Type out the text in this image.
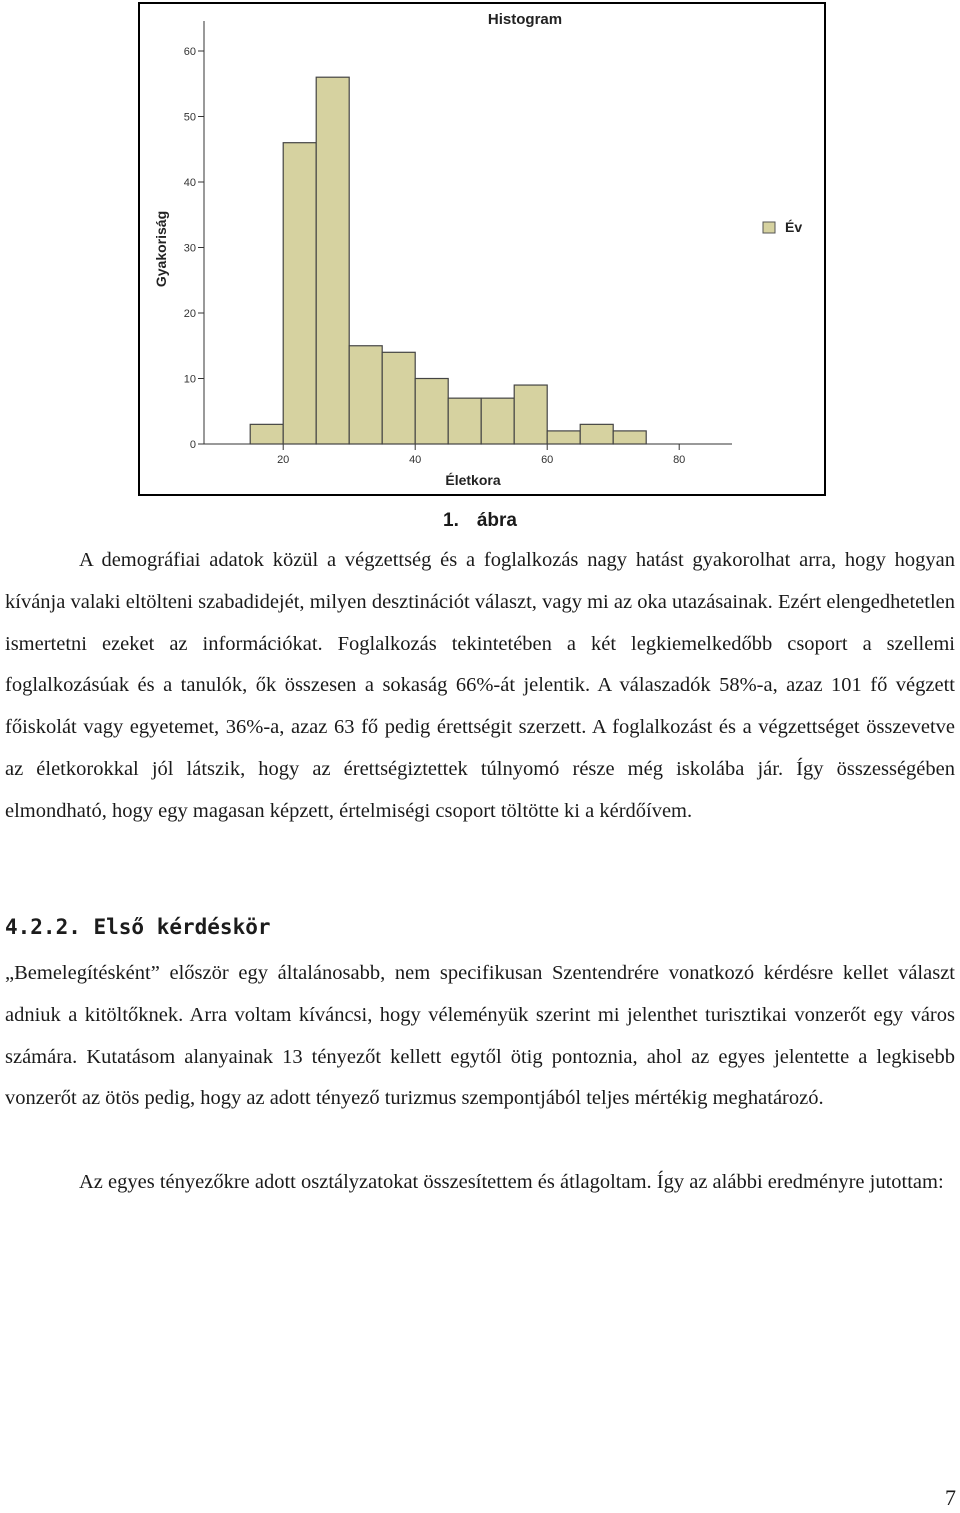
Histogram
Gyakoriság
Életkora
0
10
20
30
40
50
60
20	40	60	80
Év
1. ábra
A demográfiai adatok közül a végzettség és a foglalkozás nagy hatást gyakorolhat arra, hogy hogyan kívánja valaki eltölteni szabadidejét, milyen desztinációt választ, vagy mi az oka utazásainak. Ezért elengedhetetlen ismertetni ezeket az információkat. Foglalkozás tekintetében a két legkiemelkedőbb csoport a szellemi foglalkozásúak és a tanulók, ők összesen a sokaság 66%-át jelentik. A válaszadók 58%-a, azaz 101 fő végzett főiskolát vagy egyetemet, 36%-a, azaz 63 fő pedig érettségit szerzett. A foglalkozást és a végzettséget összevetve az életkorokkal jól látszik, hogy az érettségiztettek túlnyomó része még iskolába jár. Így összességében elmondható, hogy egy magasan képzett, értelmiségi csoport töltötte ki a kérdőívem.
4.2.2. Első kérdéskör
„Bemelegítésként” először egy általánosabb, nem specifikusan Szentendrére vonatkozó kérdésre kellet választ adniuk a kitöltőknek. Arra voltam kíváncsi, hogy véleményük szerint mi jelenthet turisztikai vonzerőt egy város számára. Kutatásom alanyainak 13 tényezőt kellett egytől ötig pontoznia, ahol az egyes jelentette a legkisebb vonzerőt az ötös pedig, hogy az adott tényező turizmus szempontjából teljes mértékig meghatározó.
Az egyes tényezőkre adott osztályzatokat összesítettem és átlagoltam. Így az alábbi eredményre jutottam:
7
